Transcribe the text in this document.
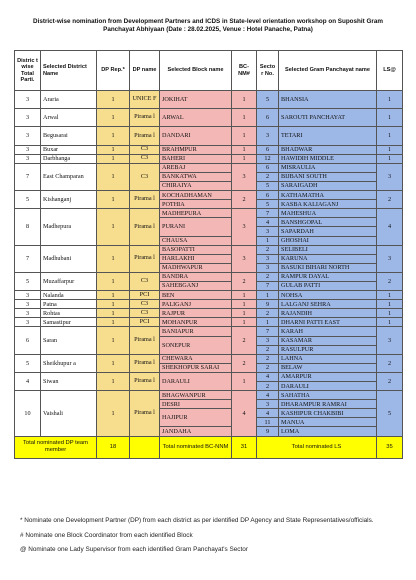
District-wise nomination from Development Partners and ICDS in State-level orientation workshop on Suposhit Gram Panchayat Abhiyaan (Date : 28.02.2025, Venue : Hotel Panache, Patna)
Distric t wise Total Parti.	Selected District Name	DP Rep.*	DP name	Selected Block name	BC-NM#	Secto r No.	Selected Gram Panchayat name	LS@
3	Araria	1	UNICE F	JOKIHAT	1	5	BHANSIA	1
3	Arwal	1	Pirama l	ARWAL	1	6	SAROUTI PANCHAYAT	1
3	Begusarai	1	Pirama l	DANDARI	1	3	TETARI	1
3	Buxar	1	C3	BRAHMPUR	1	6	BHADWAR	1
3	Darbhanga	1	C3	BAHERI	1	12	HAWIDIH MIDDLE	1
7	East Champaran	1	C3	AREBAJ	3	6	MISRAULIA	3
				BANKATWA		2	BIJBANI SOUTH	
				CHIRAIYA		5	SARAIGADH	
5	Kishanganj	1	Pirama l	KOCHADHAMAN	2	6	KATHAMATHA	2
				POTHIA		5	KASBA KALIAGANJ	
8	Madhepura	1	Pirama l	MADHEPURA	3	7	MAHESHUA	4
				PURANI		4	BANSHGOPAL	
						3	SAPARDAH	
				CHAUSA		1	GHOSHAI	
7	Madhubani	1	Pirama l	BASOPATTI	3	2	SELIBELI	3
				HARLAKHI		3	KARUNA	
				MADHWAPUR		3	BASUKI BIHARI NORTH	
5	Muzaffarpur	1	C3	BANDRA	2	2	RAMPUR DAYAL	2
				SAHEBGANJ		7	GULAB PATTI	
3	Nalanda	1	PCI	BEN	1	1	NOHSA	1
3	Patna	1	C3	PALIGANJ	1	9	LALGANJ SEHRA	1
3	Rohtas	1	C3	RAJPUR	1	2	RAJANDIH	1
3	Samastipur	1	PCI	MOHANPUR	1	1	DHARNI PATTI EAST	1
6	Saran	1	Pirama l	BANIAPUR	2	7	KARAH	3
				SONEPUR		3	KASAMAR	
						2	RASULPUR	
5	Sheikhupur a	1	Pirama l	CHEWARA	2	2	LAHNA	2
				SHEKHOPUR SARAI		2	BELAW	
4	Siwan	1	Pirama l	DARAULI	1	4	AMARPUR	2
						2	DARAULI	
10	Vaishali	1	Pirama l	BHAGWANPUR	4	4	SAHATHA	5
				DESRI		3	DHARAMPUR RAMRAI	
				HAJIPUR		4	KASHIPUR CHAKBIBI	
						11	MANUA	
				JANDAHA		9	LOMA	
Total nominated DP team member		18		Total nominated BC-NNM	31	Total nominated LS		35

* Nominate one Development Partner (DP) from each district as per identified DP Agency and State Representatives/officials.

# Nominate one Block Coordinator from each identified Block

@ Nominate one Lady Supervisor from each identified Gram Panchayat's Sector
